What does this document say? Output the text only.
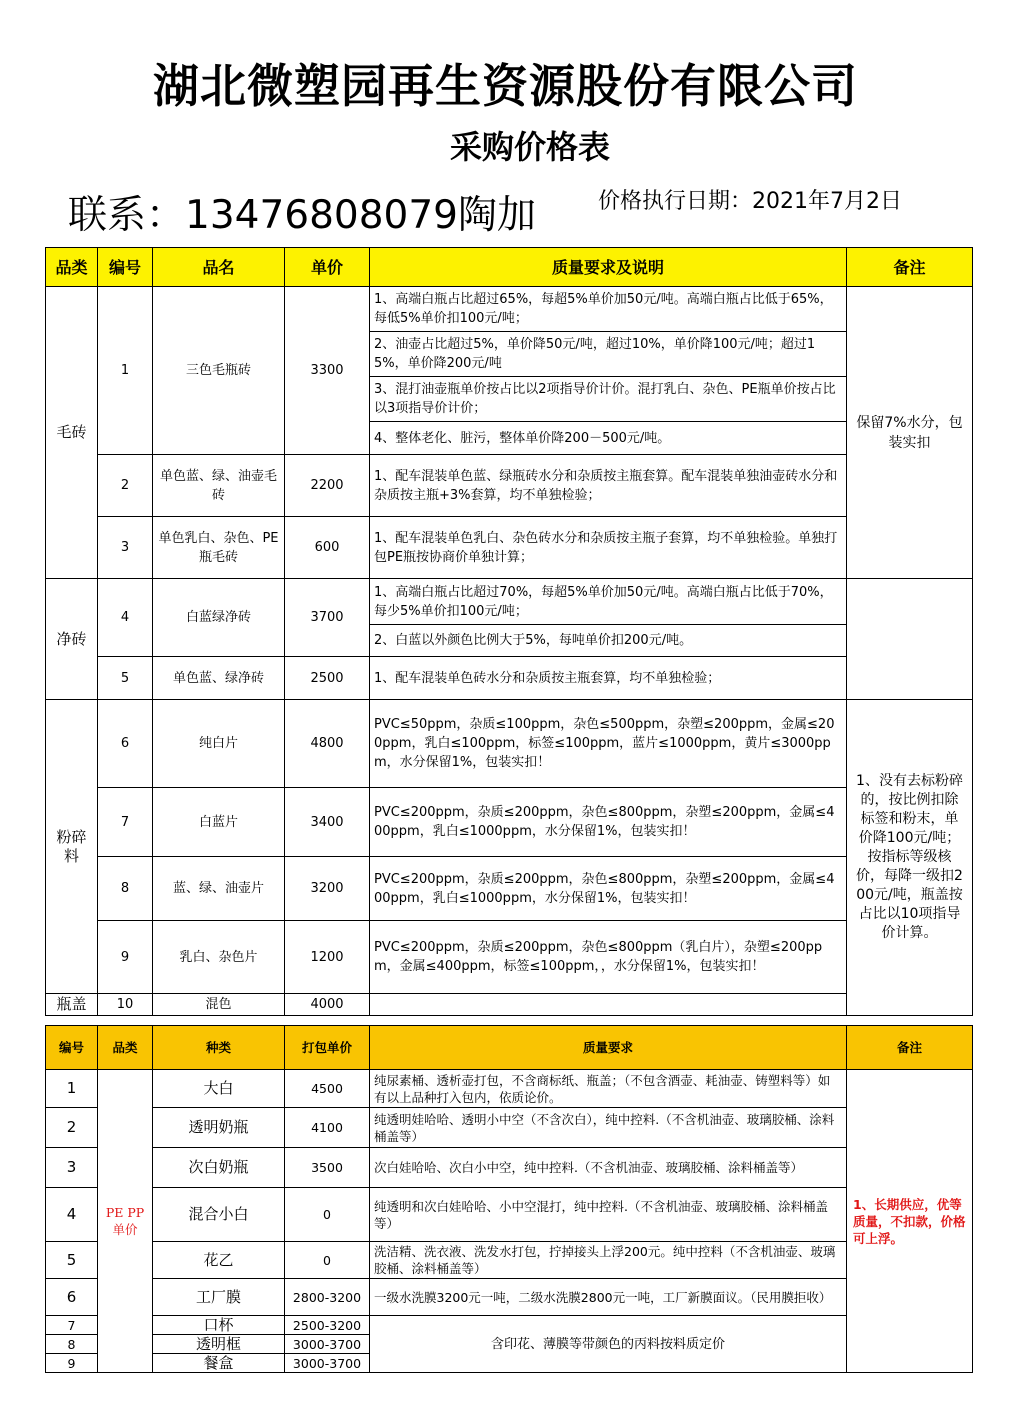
湖北微塑园再生资源股份有限公司
采购价格表
联系：13476808079陶加	价格执行日期：2021年7月2日
品类	编号	品名	单价	质量要求及说明	备注
毛砖	1	三色毛瓶砖	3300	1、高端白瓶占比超过65%，每超5%单价加50元/吨。高端白瓶占比低于65%，每低5%单价扣100元/吨；	保留7%水分，包装实扣
				2、油壶占比超过5%，单价降50元/吨，超过10%，单价降100元/吨；超过15%，单价降200元/吨	
				3、混打油壶瓶单价按占比以2项指导价计价。混打乳白、杂色、PE瓶单价按占比以3项指导价计价；	
				4、整体老化、脏污，整体单价降200－500元/吨。	
	2	单色蓝、绿、油壶毛砖	2200	1、配车混装单色蓝、绿瓶砖水分和杂质按主瓶套算。配车混装单独油壶砖水分和杂质按主瓶+3%套算，均不单独检验；	
	3	单色乳白、杂色、PE瓶毛砖	600	1、配车混装单色乳白、杂色砖水分和杂质按主瓶子套算，均不单独检验。单独打包PE瓶按协商价单独计算；	

净砖	4	白蓝绿净砖	3700	1、高端白瓶占比超过70%，每超5%单价加50元/吨。高端白瓶占比低于70%，每少5%单价扣100元/吨；	
				2、白蓝以外颜色比例大于5%，每吨单价扣200元/吨。	
	5	单色蓝、绿净砖	2500	1、配车混装单色砖水分和杂质按主瓶套算，均不单独检验；	
粉碎料	6	纯白片	4800	PVC≤50ppm，杂质≤100ppm，杂色≤500ppm，杂塑≤200ppm，金属≤200ppm，乳白≤100ppm，标签≤100ppm，蓝片≤1000ppm，黄片≤3000ppm，水分保留1%，包装实扣！	1、没有去标粉碎的，按比例扣除标签和粉末，单价降100元/吨；按指标等级核价，每降一级扣200元/吨，瓶盖按占比以10项指导价计算。
	7	白蓝片	3400	PVC≤200ppm，杂质≤200ppm，杂色≤800ppm，杂塑≤200ppm，金属≤400ppm，乳白≤1000ppm，水分保留1%，包装实扣！	
	8	蓝、绿、油壶片	3200	PVC≤200ppm，杂质≤200ppm，杂色≤800ppm，杂塑≤200ppm，金属≤400ppm，乳白≤1000ppm，水分保留1%，包装实扣！	
	9	乳白、杂色片	1200	PVC≤200ppm，杂质≤200ppm，杂色≤800ppm（乳白片），杂塑≤200ppm，金属≤400ppm，标签≤100ppm，，水分保留1%，包装实扣！	
瓶盖	10	混色	4000		
编号	品类	种类	打包单价	质量要求	备注
1	PE PP 单价	大白	4500	纯尿素桶、透析壶打包，不含商标纸、瓶盖；（不包含酒壶、耗油壶、铸塑料等）如有以上品种打入包内，依质论价。	1、长期供应，优等质量，不扣款，价格可上浮。
2		透明奶瓶	4100	纯透明娃哈哈、透明小中空（不含次白），纯中控料.（不含机油壶、玻璃胶桶、涂料桶盖等）	
3		次白奶瓶	3500	次白娃哈哈、次白小中空，纯中控料.（不含机油壶、玻璃胶桶、涂料桶盖等）	
4		混合小白	0	纯透明和次白娃哈哈、小中空混打，纯中控料.（不含机油壶、玻璃胶桶、涂料桶盖等）	
5		花乙	0	洗洁精、洗衣液、洗发水打包，拧掉接头上浮200元。纯中控料（不含机油壶、玻璃胶桶、涂料桶盖等）	
6		工厂膜	2800-3200	一级水洗膜3200元一吨，二级水洗膜2800元一吨，工厂新膜面议。（民用膜拒收）	
7		口杯	2500-3200	含印花、薄膜等带颜色的丙料按料质定价	
8		透明框	3000-3700		
9		餐盒	3000-3700		
